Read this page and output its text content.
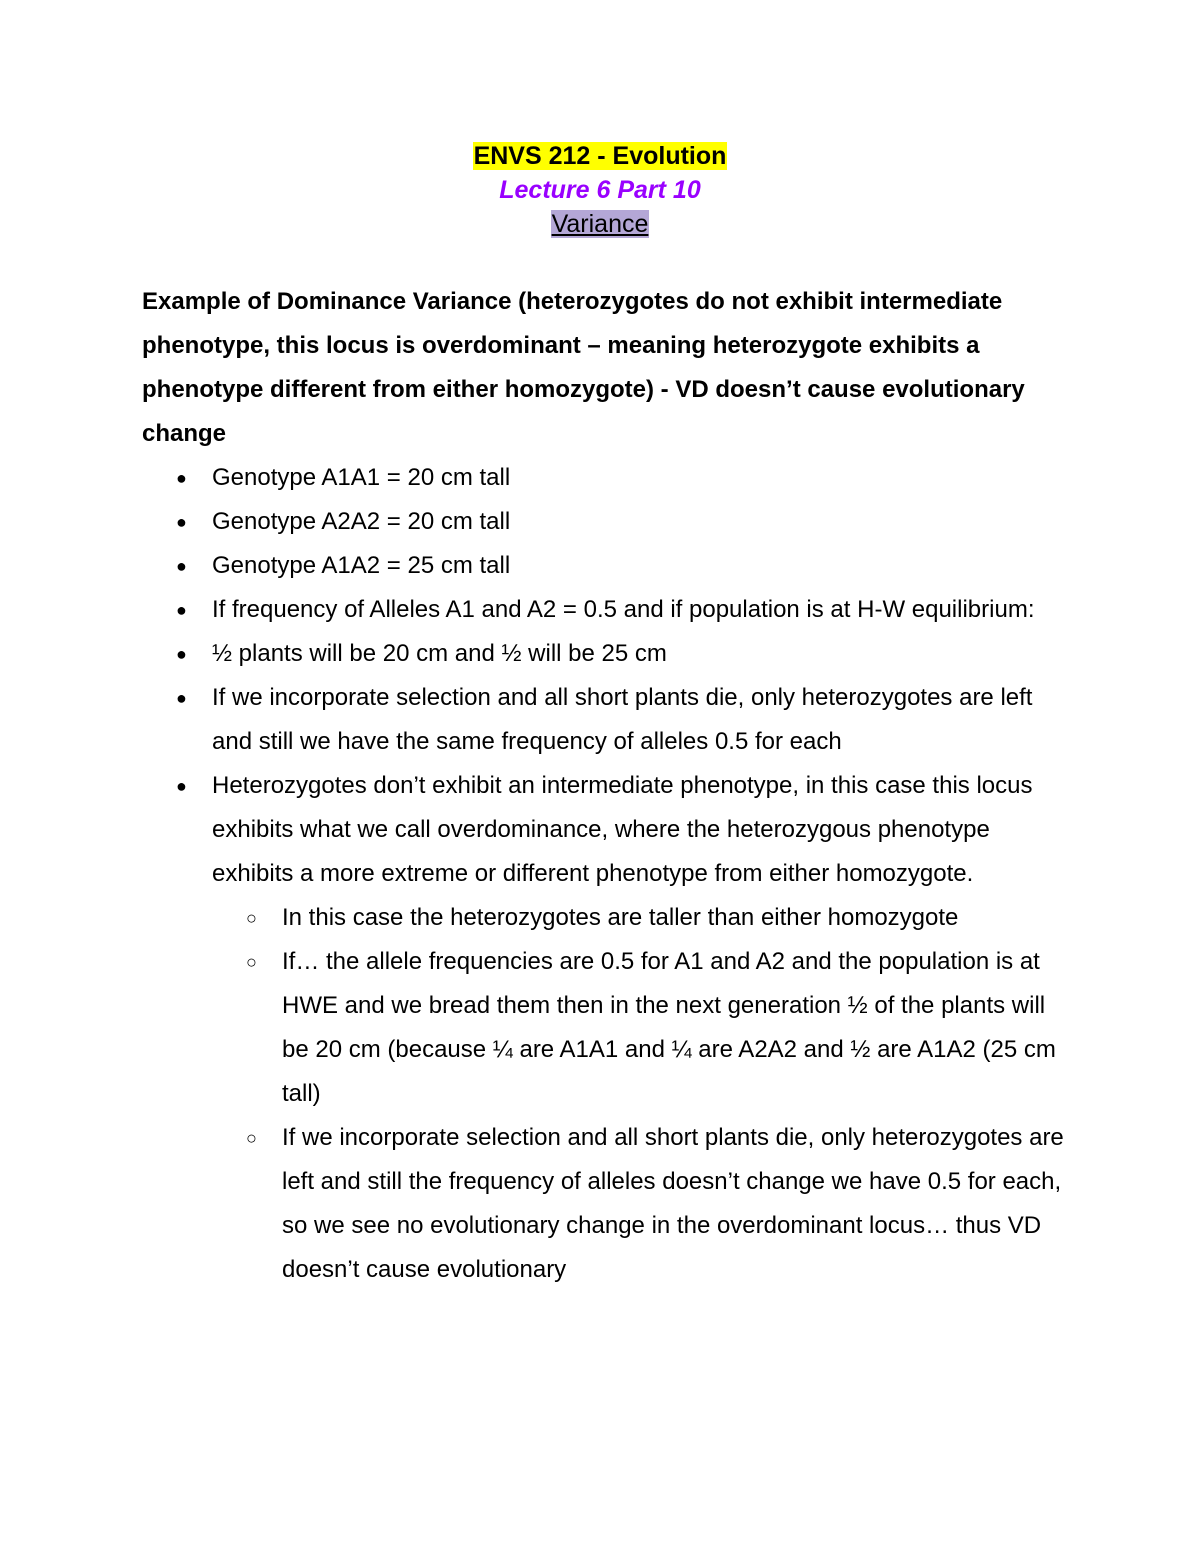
ENVS 212 - Evolution
Lecture 6 Part 10
Variance

Example of Dominance Variance (heterozygotes do not exhibit intermediate phenotype, this locus is overdominant – meaning heterozygote exhibits a phenotype different from either homozygote) - VD doesn’t cause evolutionary change

● Genotype A1A1 = 20 cm tall
● Genotype A2A2 = 20 cm tall
● Genotype A1A2 = 25 cm tall
● If frequency of Alleles A1 and A2 = 0.5 and if population is at H-W equilibrium:
● ½ plants will be 20 cm and ½ will be 25 cm
● If we incorporate selection and all short plants die, only heterozygotes are left and still we have the same frequency of alleles 0.5 for each
● Heterozygotes don’t exhibit an intermediate phenotype, in this case this locus exhibits what we call overdominance, where the heterozygous phenotype exhibits a more extreme or different phenotype from either homozygote.
○ In this case the heterozygotes are taller than either homozygote
○ If… the allele frequencies are 0.5 for A1 and A2 and the population is at HWE and we bread them then in the next generation ½ of the plants will be 20 cm (because ¼ are A1A1 and ¼ are A2A2 and ½ are A1A2 (25 cm tall)
○ If we incorporate selection and all short plants die, only heterozygotes are left and still the frequency of alleles doesn’t change we have 0.5 for each, so we see no evolutionary change in the overdominant locus… thus VD doesn’t cause evolutionary
